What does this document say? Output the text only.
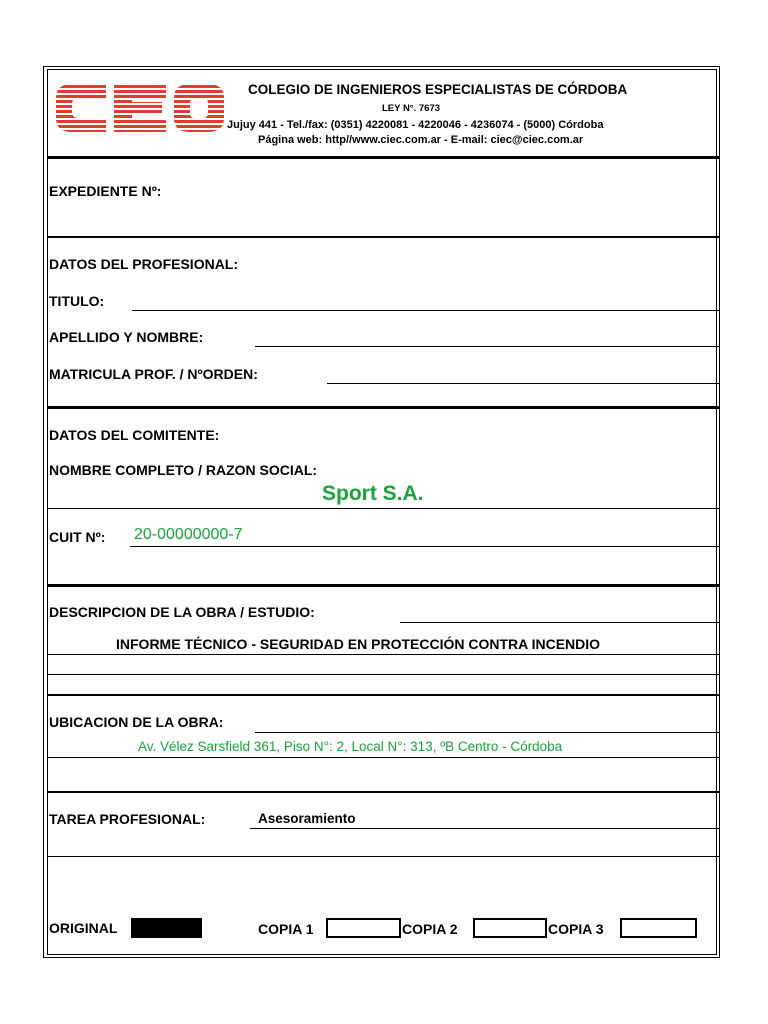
COLEGIO DE INGENIEROS ESPECIALISTAS DE CÓRDOBA
LEY N°. 7673
Jujuy 441 - Tel./fax: (0351) 4220081 - 4220046 - 4236074 - (5000) Córdoba
Página web: http//www.ciec.com.ar - E-mail: ciec@ciec.com.ar
EXPEDIENTE Nº:
DATOS DEL PROFESIONAL:
TITULO:
APELLIDO Y NOMBRE:
MATRICULA PROF. / NºORDEN:
DATOS DEL COMITENTE:
NOMBRE COMPLETO / RAZON SOCIAL:
Sport S.A.
CUIT Nº: 20-00000000-7
DESCRIPCION DE LA OBRA / ESTUDIO:
INFORME TÉCNICO - SEGURIDAD EN PROTECCIÓN CONTRA INCENDIO
UBICACION DE LA OBRA:
Av. Vélez Sarsfield 361, Piso N°: 2, Local N°: 313, ºB Centro - Córdoba
TAREA PROFESIONAL:	Asesoramiento
ORIGINAL	COPIA 1	COPIA 2	COPIA 3
